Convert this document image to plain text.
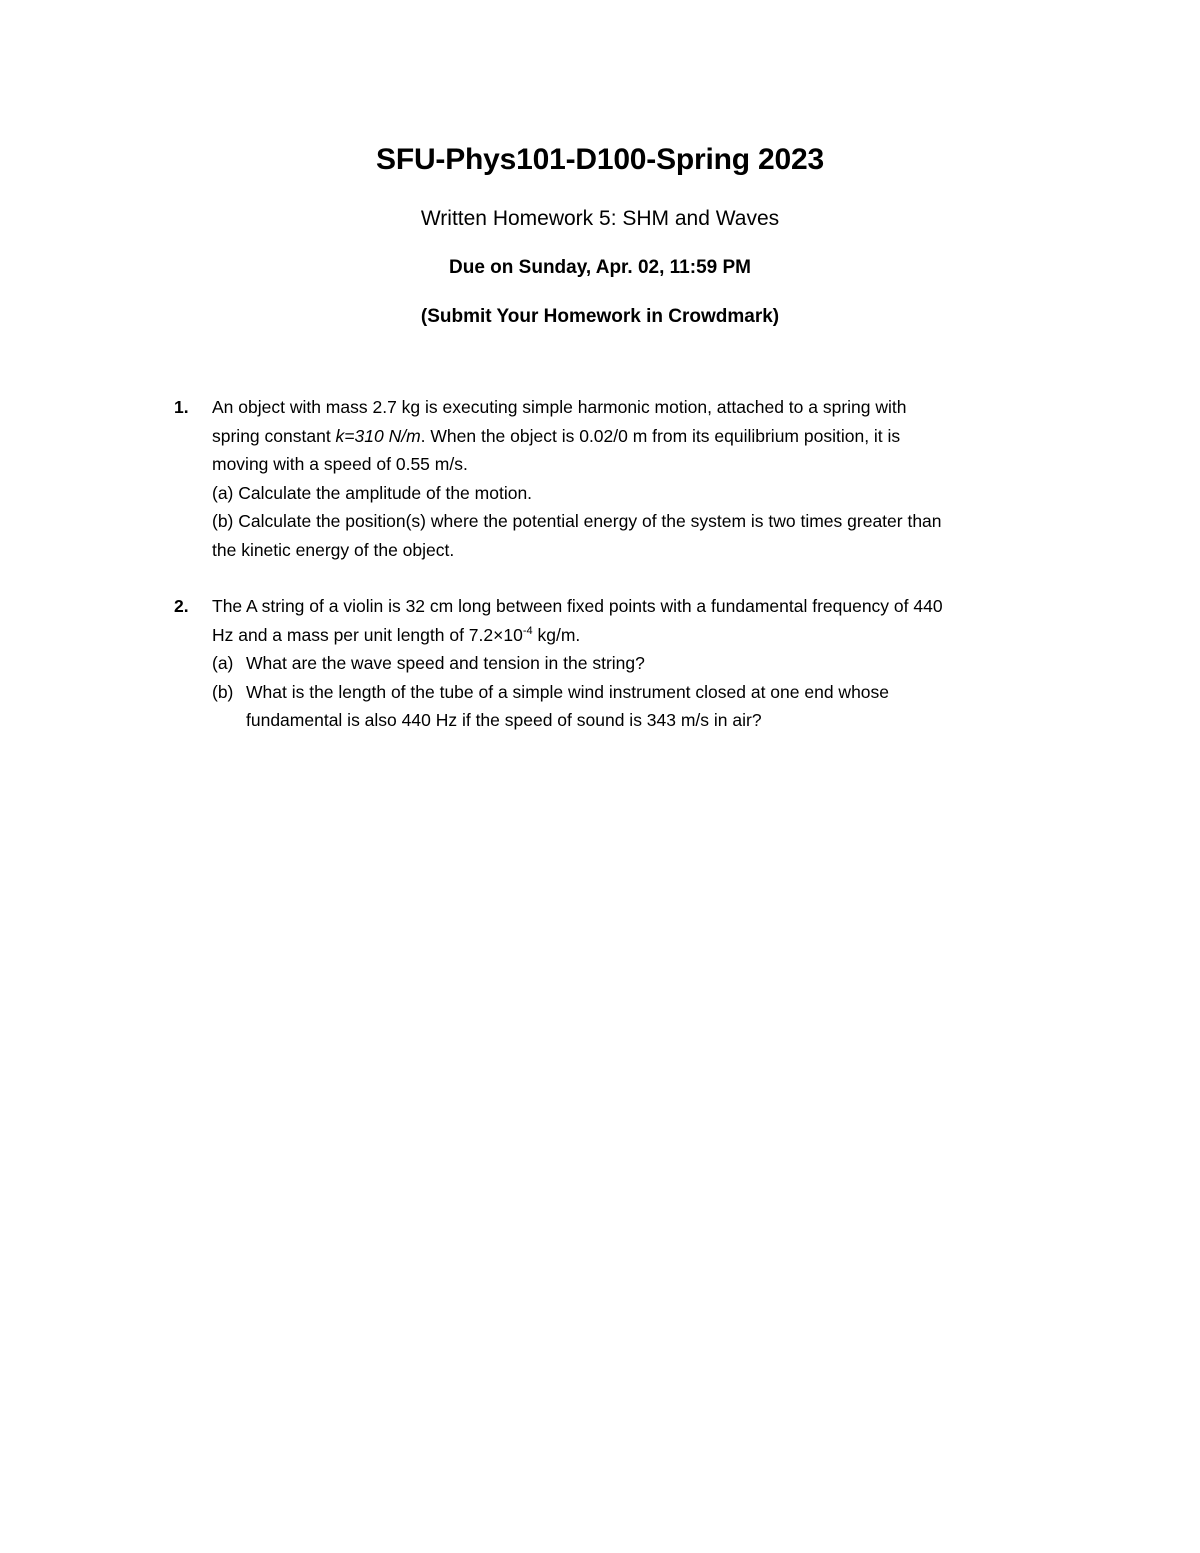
SFU-Phys101-D100-Spring 2023
Written Homework 5: SHM and Waves
Due on Sunday, Apr. 02, 11:59 PM
(Submit Your Homework in Crowdmark)
1.	An object with mass 2.7 kg is executing simple harmonic motion, attached to a spring with
spring constant k=310 N/m. When the object is 0.02/0 m from its equilibrium position, it is
moving with a speed of 0.55 m/s.
(a) Calculate the amplitude of the motion.
(b) Calculate the position(s) where the potential energy of the system is two times greater than
the kinetic energy of the object.
2.	The A string of a violin is 32 cm long between fixed points with a fundamental frequency of 440
Hz and a mass per unit length of $7.2\times 10^{-4}$ kg/m.
(a) What are the wave speed and tension in the string?
(b) What is the length of the tube of a simple wind instrument closed at one end whose
fundamental is also 440 Hz if the speed of sound is 343 m/s in air?
